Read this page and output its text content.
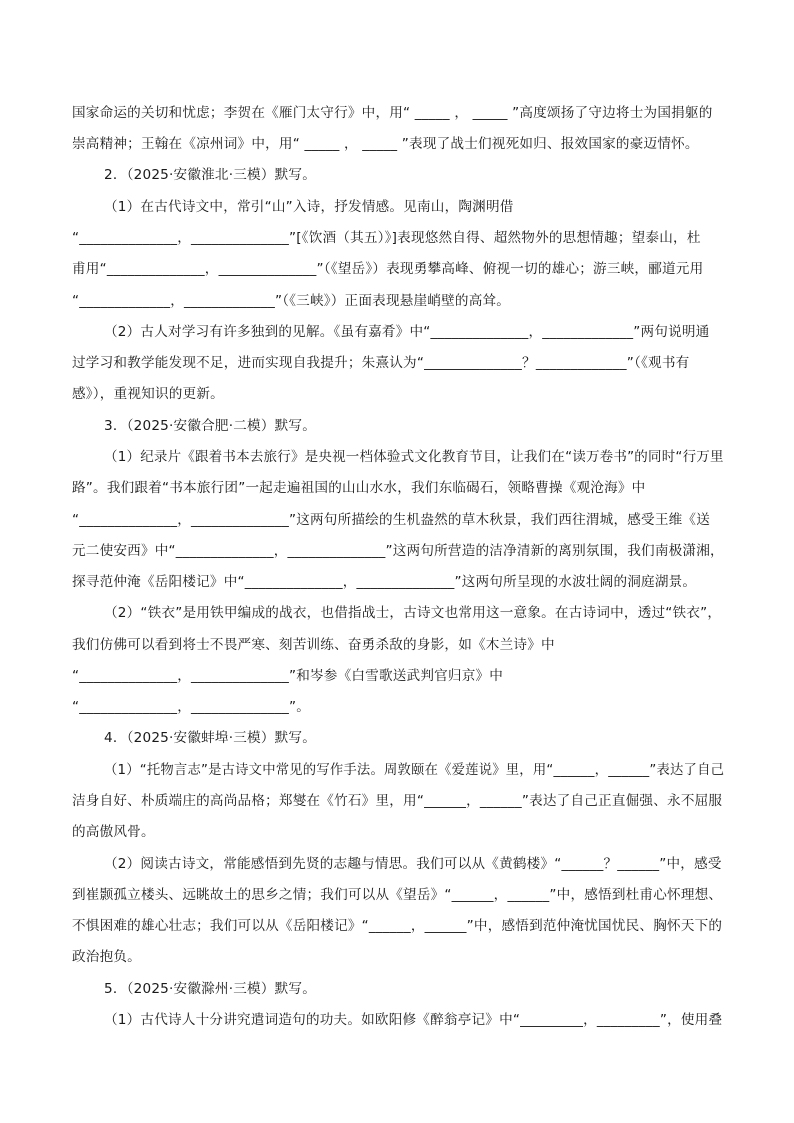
国家命运的关切和忧虑；李贺在《雁门太守行》中，用“ _____ ， _____ ”高度颂扬了守边将士为国捐躯的
崇高精神；王翰在《凉州词》中，用“ _____ ， _____ ”表现了战士们视死如归、报效国家的豪迈情怀。
2．（2025·安徽淮北·三模）默写。
（1）在古代诗文中，常引“山”入诗，抒发情感。见南山，陶渊明借
“______________，______________”[《饮酒（其五）》]表现悠然自得、超然物外的思想情趣；望泰山，杜
甫用“______________，______________”（《望岳》）表现勇攀高峰、俯视一切的雄心；游三峡，郦道元用
“_____________，_____________”（《三峡》）正面表现悬崖峭壁的高耸。
（2）古人对学习有许多独到的见解。《虽有嘉肴》中“______________，_____________”两句说明通
过学习和教学能发现不足，进而实现自我提升；朱熹认为“______________？_____________”（《观书有
感》），重视知识的更新。
3．（2025·安徽合肥·二模）默写。
（1）纪录片《跟着书本去旅行》是央视一档体验式文化教育节目，让我们在“读万卷书”的同时“行万里
路”。我们跟着“书本旅行团”一起走遍祖国的山山水水，我们东临碣石，领略曹操《观沧海》中
“______________，______________”这两句所描绘的生机盎然的草木秋景，我们西往渭城，感受王维《送
元二使安西》中“______________，______________”这两句所营造的洁净清新的离别氛围，我们南极潇湘，
探寻范仲淹《岳阳楼记》中“______________，______________”这两句所呈现的水波壮阔的洞庭湖景。
（2）“铁衣”是用铁甲编成的战衣，也借指战士，古诗文也常用这一意象。在古诗词中，透过“铁衣”，
我们仿佛可以看到将士不畏严寒、刻苦训练、奋勇杀敌的身影，如《木兰诗》中
“______________，______________”和岑参《白雪歌送武判官归京》中
“______________，______________”。
4．（2025·安徽蚌埠·三模）默写。
（1）“托物言志”是古诗文中常见的写作手法。周敦颐在《爱莲说》里，用“______，______”表达了自己
洁身自好、朴质端庄的高尚品格；郑燮在《竹石》里，用“______，______”表达了自己正直倔强、永不屈服
的高傲风骨。
（2）阅读古诗文，常能感悟到先贤的志趣与情思。我们可以从《黄鹤楼》“______？______”中，感受
到崔颢孤立楼头、远眺故土的思乡之情；我们可以从《望岳》“______，______”中，感悟到杜甫心怀理想、
不惧困难的雄心壮志；我们可以从《岳阳楼记》“______，______”中，感悟到范仲淹忧国忧民、胸怀天下的
政治抱负。
5．（2025·安徽滁州·三模）默写。
（1）古代诗人十分讲究遣词造句的功夫。如欧阳修《醉翁亭记》中“_________，_________”，使用叠
